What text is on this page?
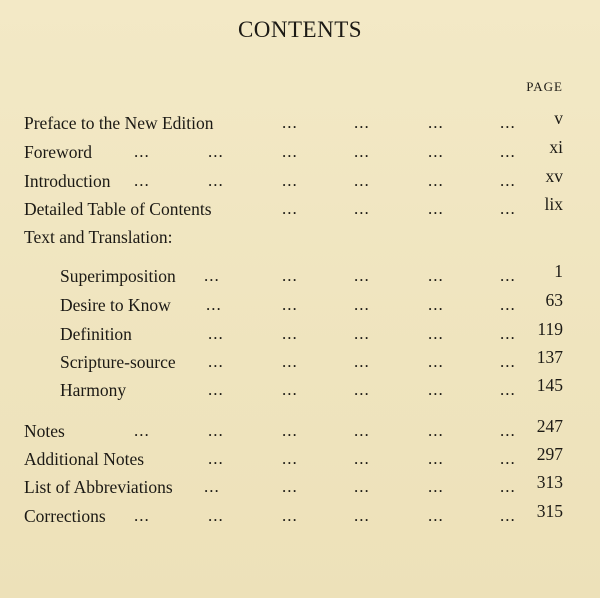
CONTENTS
PAGE
Preface to the New Edition	...	...	...	... v
Foreword ...	...	...	...	...	... xi
Introduction ...	...	...	...	...	... xv
Detailed Table of Contents	...	...	...	... lix
Text and Translation:
Superimposition ...	...	...	...	... 1
Desire to Know ...	...	...	...	... 63
Definition	...	...	...	...	... 119
Scripture-source ...	...	...	...	... 137
Harmony	...	...	...	...	... 145
Notes	...	...	...	...	...	... 247
Additional Notes	...	...	...	...	... 297
List of Abbreviations ...	...	...	...	... 313
Corrections ...	...	...	...	...	... 315
